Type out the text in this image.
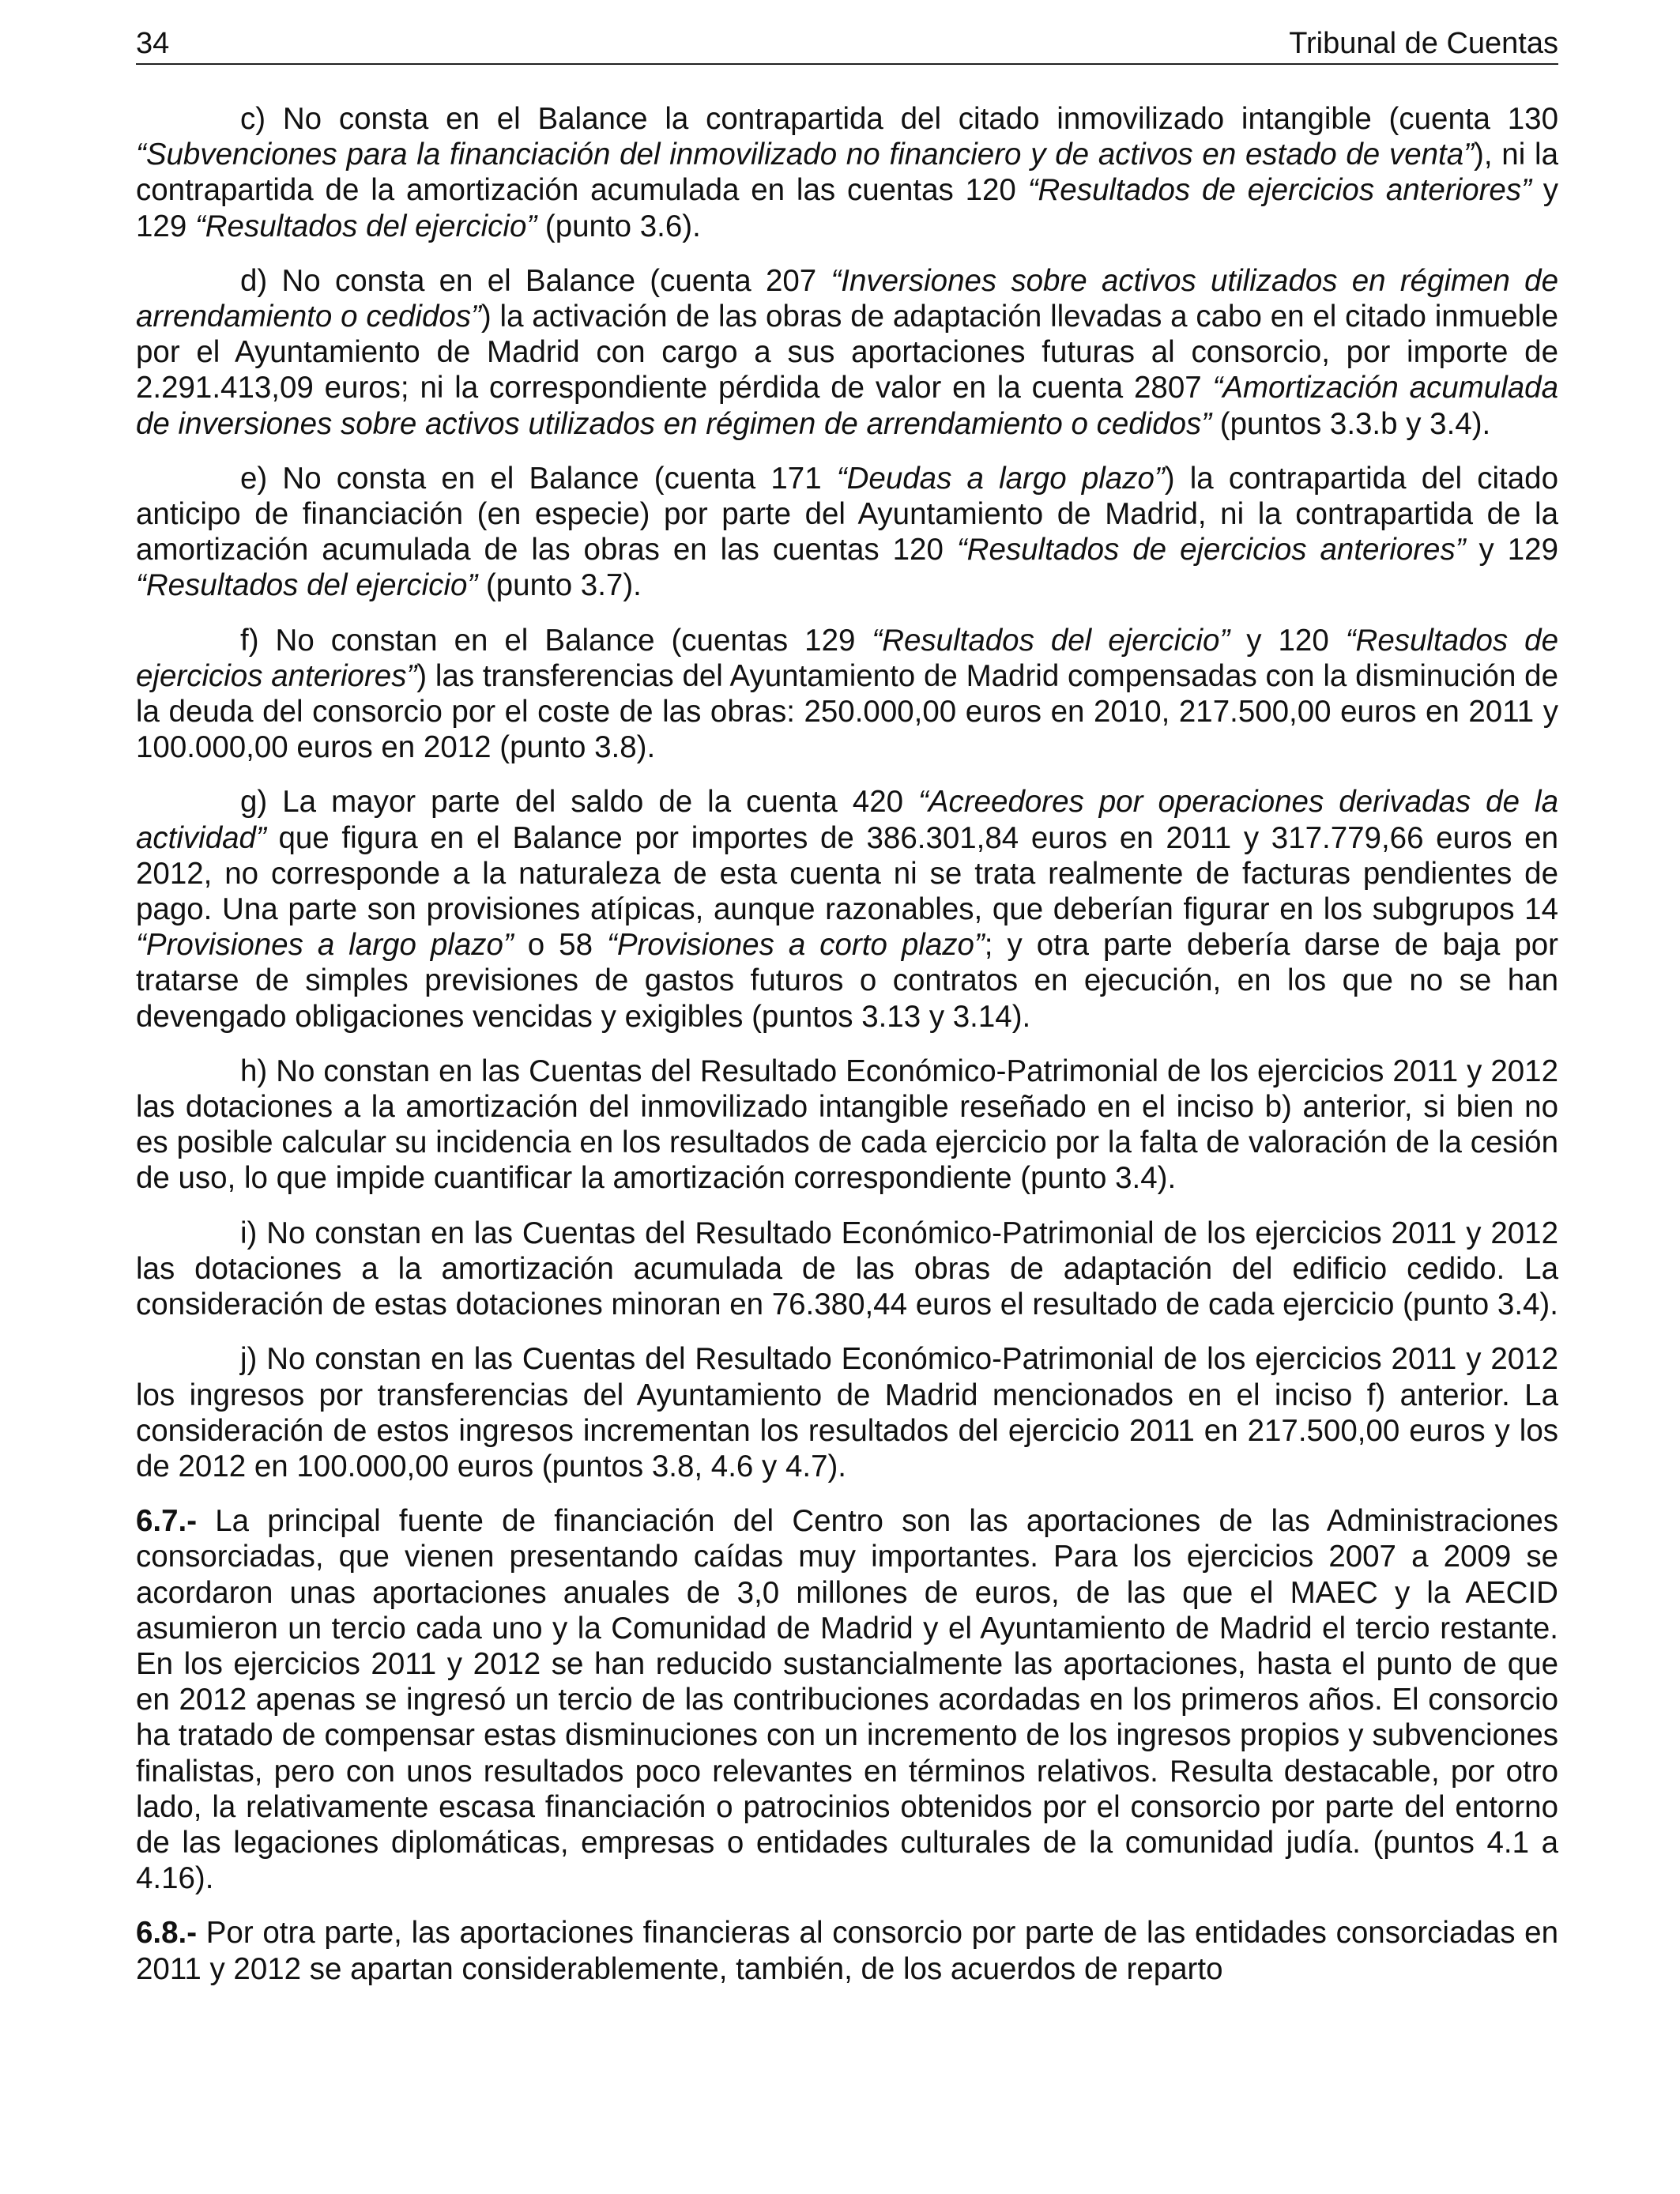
34	Tribunal de Cuentas

c) No consta en el Balance la contrapartida del citado inmovilizado intangible (cuenta 130 “Subvenciones para la financiación del inmovilizado no financiero y de activos en estado de venta”), ni la contrapartida de la amortización acumulada en las cuentas 120 “Resultados de ejercicios anteriores” y 129 “Resultados del ejercicio” (punto 3.6).

d) No consta en el Balance (cuenta 207 “Inversiones sobre activos utilizados en régimen de arrendamiento o cedidos”) la activación de las obras de adaptación llevadas a cabo en el citado inmueble por el Ayuntamiento de Madrid con cargo a sus aportaciones futuras al consorcio, por importe de 2.291.413,09 euros; ni la correspondiente pérdida de valor en la cuenta 2807 “Amortización acumulada de inversiones sobre activos utilizados en régimen de arrendamiento o cedidos” (puntos 3.3.b y 3.4).

e) No consta en el Balance (cuenta 171 “Deudas a largo plazo”) la contrapartida del citado anticipo de financiación (en especie) por parte del Ayuntamiento de Madrid, ni la contrapartida de la amortización acumulada de las obras en las cuentas 120 “Resultados de ejercicios anteriores” y 129 “Resultados del ejercicio” (punto 3.7).

f) No constan en el Balance (cuentas 129 “Resultados del ejercicio” y 120 “Resultados de ejercicios anteriores”) las transferencias del Ayuntamiento de Madrid compensadas con la disminución de la deuda del consorcio por el coste de las obras: 250.000,00 euros en 2010, 217.500,00 euros en 2011 y 100.000,00 euros en 2012 (punto 3.8).

g) La mayor parte del saldo de la cuenta 420 “Acreedores por operaciones derivadas de la actividad” que figura en el Balance por importes de 386.301,84 euros en 2011 y 317.779,66 euros en 2012, no corresponde a la naturaleza de esta cuenta ni se trata realmente de facturas pendientes de pago. Una parte son provisiones atípicas, aunque razonables, que deberían figurar en los subgrupos 14 “Provisiones a largo plazo” o 58 “Provisiones a corto plazo”; y otra parte debería darse de baja por tratarse de simples previsiones de gastos futuros o contratos en ejecución, en los que no se han devengado obligaciones vencidas y exigibles (puntos 3.13 y 3.14).

h) No constan en las Cuentas del Resultado Económico-Patrimonial de los ejercicios 2011 y 2012 las dotaciones a la amortización del inmovilizado intangible reseñado en el inciso b) anterior, si bien no es posible calcular su incidencia en los resultados de cada ejercicio por la falta de valoración de la cesión de uso, lo que impide cuantificar la amortización correspondiente (punto 3.4).

i) No constan en las Cuentas del Resultado Económico-Patrimonial de los ejercicios 2011 y 2012 las dotaciones a la amortización acumulada de las obras de adaptación del edificio cedido. La consideración de estas dotaciones minoran en 76.380,44 euros el resultado de cada ejercicio (punto 3.4).

j) No constan en las Cuentas del Resultado Económico-Patrimonial de los ejercicios 2011 y 2012 los ingresos por transferencias del Ayuntamiento de Madrid mencionados en el inciso f) anterior. La consideración de estos ingresos incrementan los resultados del ejercicio 2011 en 217.500,00 euros y los de 2012 en 100.000,00 euros (puntos 3.8, 4.6 y 4.7).

6.7.- La principal fuente de financiación del Centro son las aportaciones de las Administraciones consorciadas, que vienen presentando caídas muy importantes. Para los ejercicios 2007 a 2009 se acordaron unas aportaciones anuales de 3,0 millones de euros, de las que el MAEC y la AECID asumieron un tercio cada uno y la Comunidad de Madrid y el Ayuntamiento de Madrid el tercio restante. En los ejercicios 2011 y 2012 se han reducido sustancialmente las aportaciones, hasta el punto de que en 2012 apenas se ingresó un tercio de las contribuciones acordadas en los primeros años. El consorcio ha tratado de compensar estas disminuciones con un incremento de los ingresos propios y subvenciones finalistas, pero con unos resultados poco relevantes en términos relativos. Resulta destacable, por otro lado, la relativamente escasa financiación o patrocinios obtenidos por el consorcio por parte del entorno de las legaciones diplomáticas, empresas o entidades culturales de la comunidad judía. (puntos 4.1 a 4.16).

6.8.- Por otra parte, las aportaciones financieras al consorcio por parte de las entidades consorciadas en 2011 y 2012 se apartan considerablemente, también, de los acuerdos de reparto
